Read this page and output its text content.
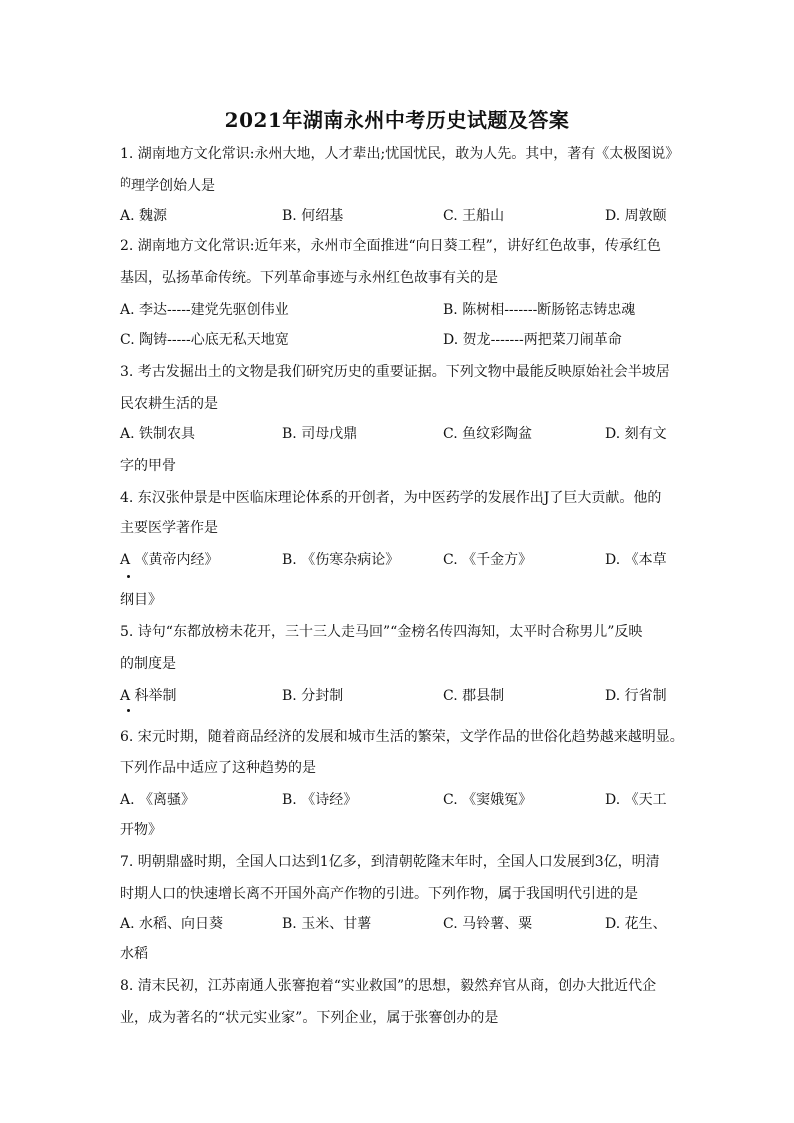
2021年湖南永州中考历史试题及答案
1. 湖南地方文化常识:永州大地，人才辈出;忧国忧民，敢为人先。其中，著有《太极图说》
$^的$理学创始人是
A. 魏源	B. 何绍基	C. 王船山	D. 周敦颐
2. 湖南地方文化常识:近年来，永州市全面推进“向日葵工程”，讲好红色故事，传承红色
基因，弘扬革命传统。下列革命事迹与永州红色故事有关的是
A. 李达-----建党先驱创伟业	B. 陈树相-------断肠铭志铸忠魂
C. 陶铸-----心底无私天地宽	D. 贺龙-------两把菜刀闹革命
3. 考古发掘出土的文物是我们研究历史的重要证据。下列文物中最能反映原始社会半坡居
民农耕生活的是
A. 铁制农具	B. 司母戊鼎	C. 鱼纹彩陶盆	D. 刻有文
字的甲骨
4. 东汉张仲景是中医临床理论体系的开创者，为中医药学的发展作出J了巨大贡献。他的
主要医学著作是
A 《黄帝内经》	B. 《伤寒杂病论》	C. 《千金方》	D. 《本草
纲目》
5. 诗句“东都放榜未花开，三十三人走马回”“金榜名传四海知，太平时合称男儿”反映
的制度是
A 科举制	B. 分封制	C. 郡县制	D. 行省制
6. 宋元时期，随着商品经济的发展和城市生活的繁荣，文学作品的世俗化趋势越来越明显。
下列作品中适应了这种趋势的是
A. 《离骚》	B. 《诗经》	C. 《窦娥冤》	D. 《天工
开物》
7. 明朝鼎盛时期，全国人口达到1亿多，到清朝乾隆末年时，全国人口发展到3亿，明清
时期人口的快速增长离不开国外高产作物的引进。下列作物，属于我国明代引进的是
A. 水稻、向日葵	B. 玉米、甘薯	C. 马铃薯、粟	D. 花生、
水稻
8. 清末民初，江苏南通人张謇抱着“实业救国”的思想，毅然弃官从商，创办大批近代企
业，成为著名的“状元实业家”。下列企业，属于张謇创办的是
